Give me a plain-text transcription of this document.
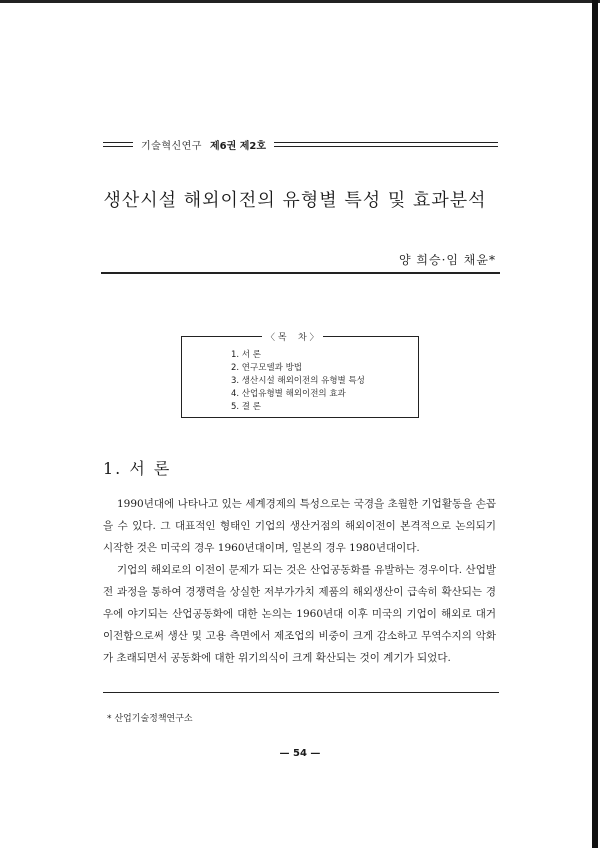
기술혁신연구 제6권 제2호
생산시설 해외이전의 유형별 특성 및 효과분석
양 희승·임 채윤*
〈 목    차 〉
1. 서 론
2. 연구모델과 방법
3. 생산시설 해외이전의 유형별 특성
4. 산업유형별 해외이전의 효과
5. 결 론
1. 서 론

1990년대에 나타나고 있는 세계경제의 특성으로는 국경을 초월한 기업활동을 손꼽을 수 있다. 그 대표적인 형태인 기업의 생산거점의 해외이전이 본격적으로 논의되기 시작한 것은 미국의 경우 1960년대이며, 일본의 경우 1980년대이다.

기업의 해외로의 이전이 문제가 되는 것은 산업공동화를 유발하는 경우이다. 산업발전 과정을 통하여 경쟁력을 상실한 저부가가치 제품의 해외생산이 급속히 확산되는 경우에 야기되는 산업공동화에 대한 논의는 1960년대 이후 미국의 기업이 해외로 대거 이전함으로써 생산 및 고용 측면에서 제조업의 비중이 크게 감소하고 무역수지의 악화가 초래되면서 공동화에 대한 위기의식이 크게 확산되는 것이 계기가 되었다.

* 산업기술정책연구소
— 54 —
